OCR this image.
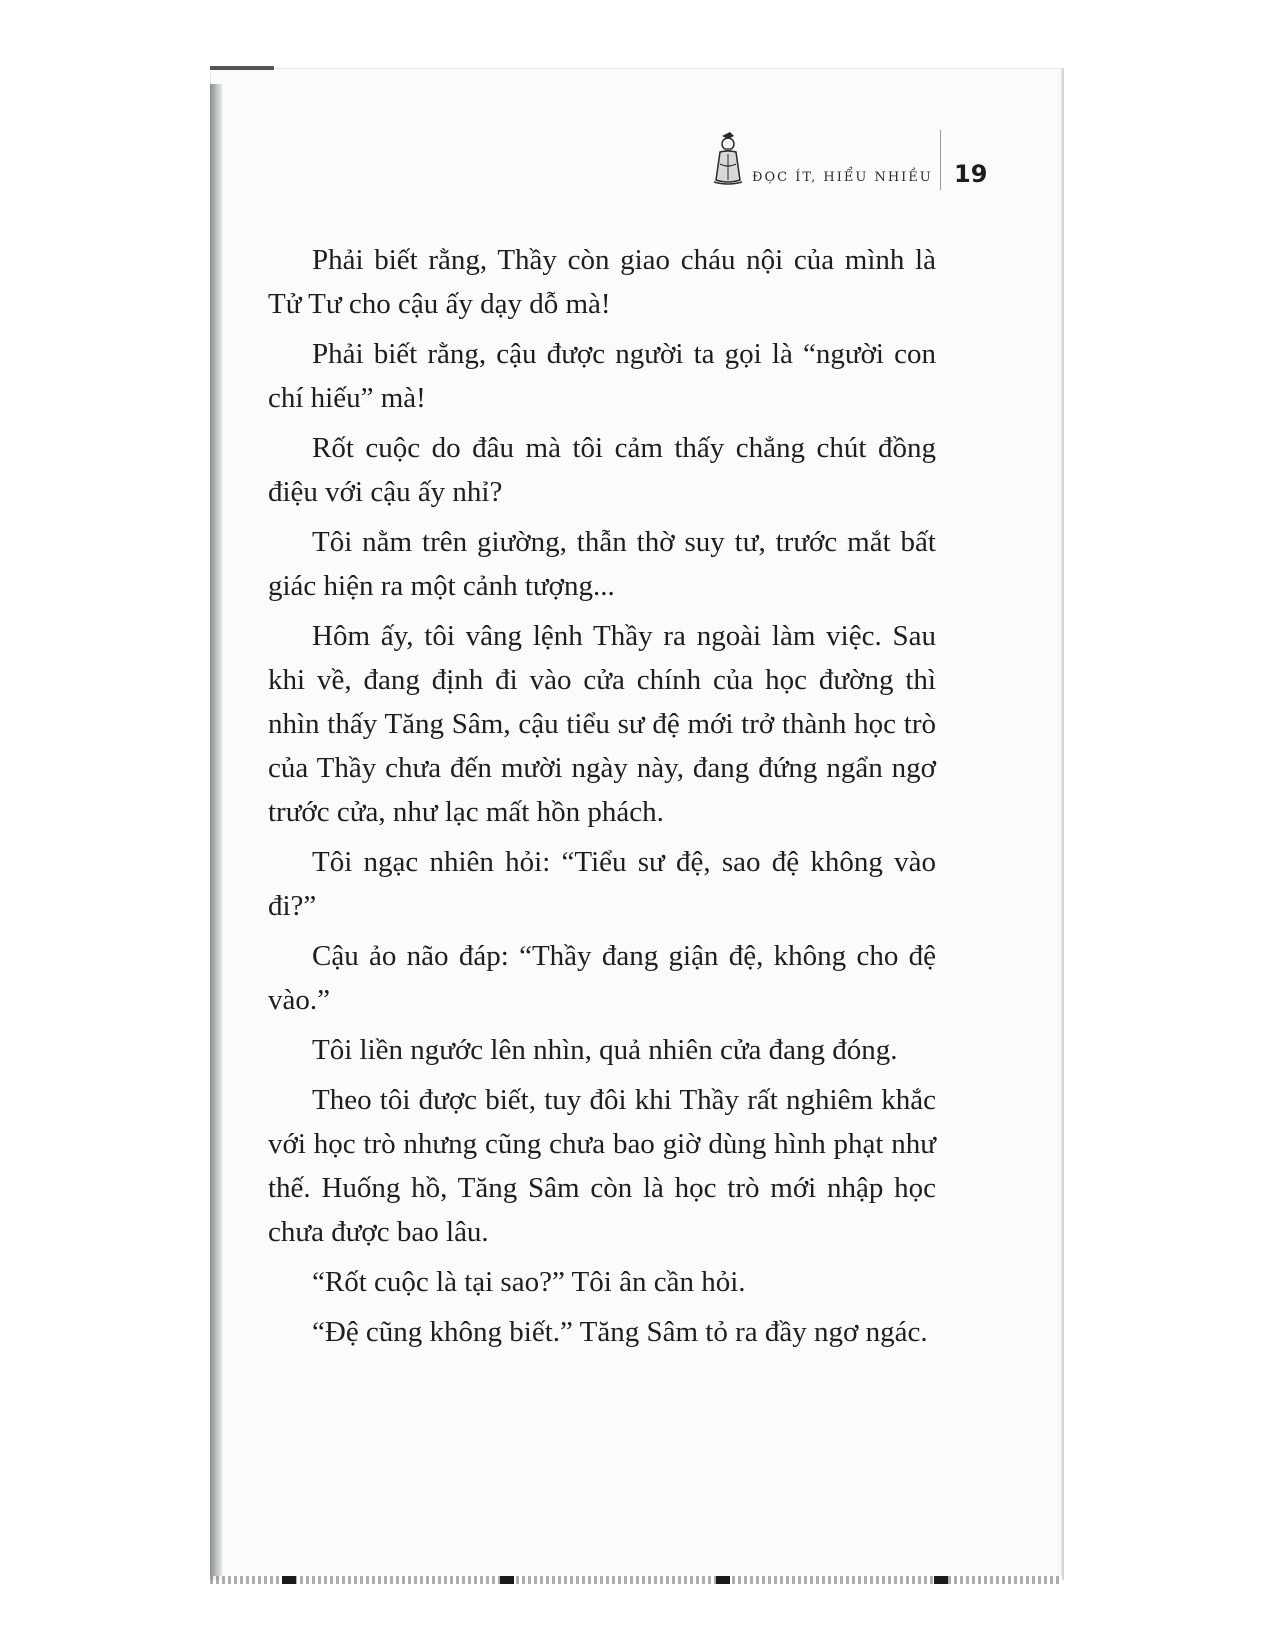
ĐỌC ÍT, HIỂU NHIỀU 19

Phải biết rằng, Thầy còn giao cháu nội của mình là Tử Tư cho cậu ấy dạy dỗ mà!

Phải biết rằng, cậu được người ta gọi là “người con chí hiếu” mà!

Rốt cuộc do đâu mà tôi cảm thấy chẳng chút đồng điệu với cậu ấy nhỉ?

Tôi nằm trên giường, thẫn thờ suy tư, trước mắt bất giác hiện ra một cảnh tượng...

Hôm ấy, tôi vâng lệnh Thầy ra ngoài làm việc. Sau khi về, đang định đi vào cửa chính của học đường thì nhìn thấy Tăng Sâm, cậu tiểu sư đệ mới trở thành học trò của Thầy chưa đến mười ngày này, đang đứng ngẩn ngơ trước cửa, như lạc mất hồn phách.

Tôi ngạc nhiên hỏi: “Tiểu sư đệ, sao đệ không vào đi?”

Cậu ảo não đáp: “Thầy đang giận đệ, không cho đệ vào.”

Tôi liền ngước lên nhìn, quả nhiên cửa đang đóng.

Theo tôi được biết, tuy đôi khi Thầy rất nghiêm khắc với học trò nhưng cũng chưa bao giờ dùng hình phạt như thế. Huống hồ, Tăng Sâm còn là học trò mới nhập học chưa được bao lâu.

“Rốt cuộc là tại sao?” Tôi ân cần hỏi.

“Đệ cũng không biết.” Tăng Sâm tỏ ra đầy ngơ ngác.
